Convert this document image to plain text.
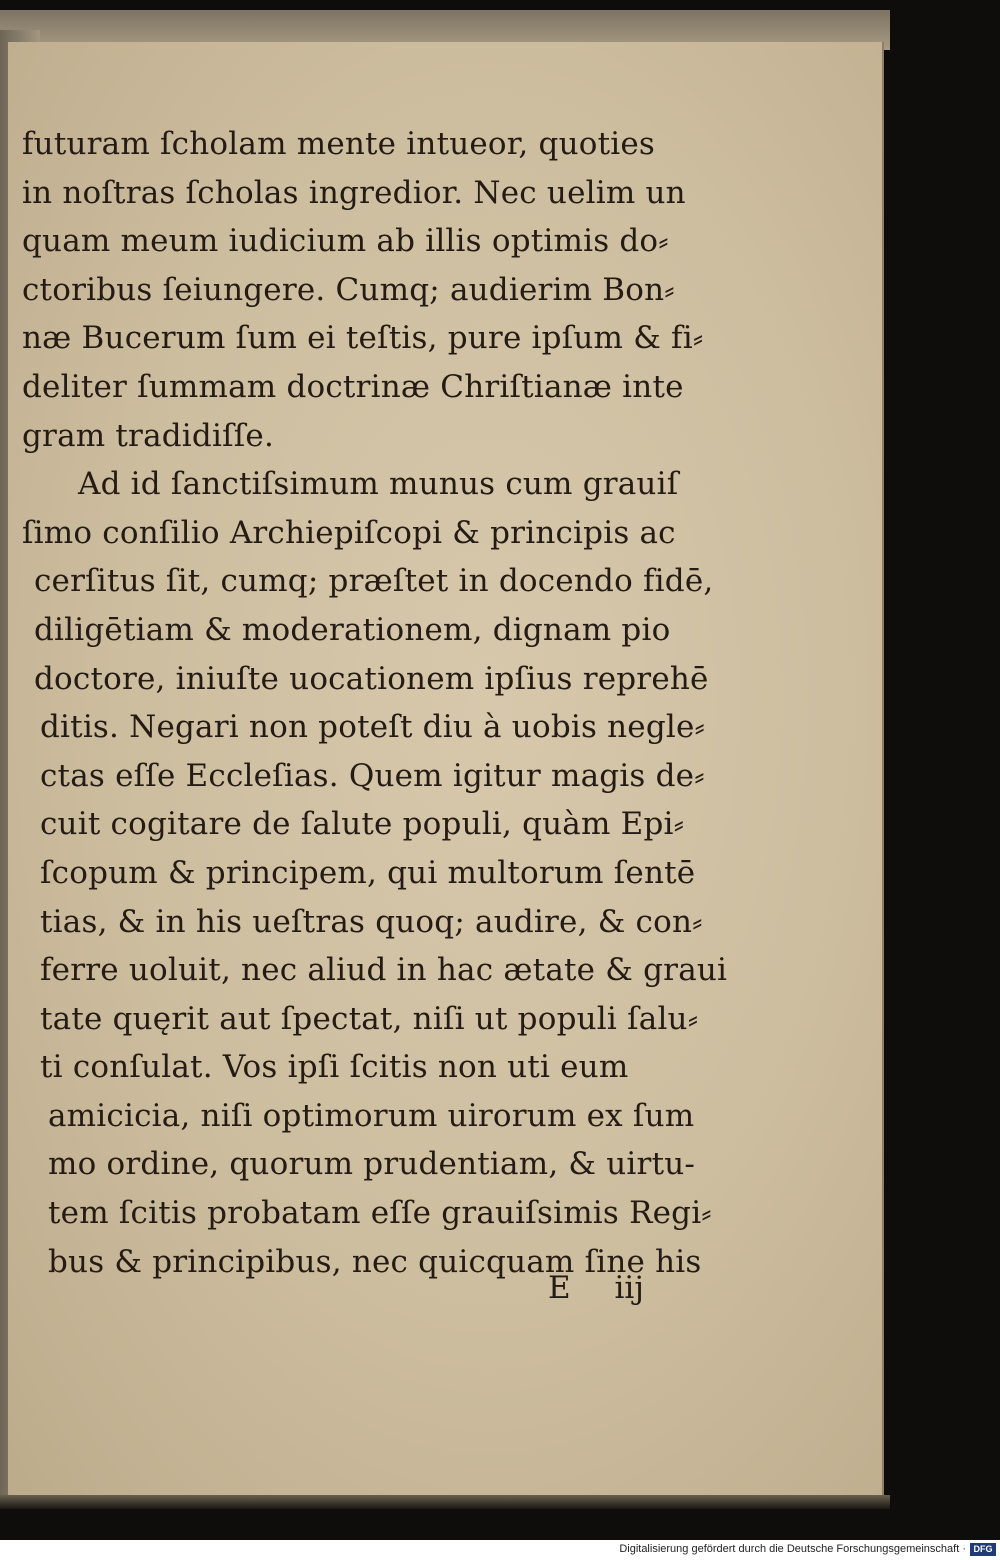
futuram ſcholam mente intueor, quoties
in noſtras ſcholas ingredior. Nec uelim un
quam meum iudicium ab illis optimis do⸗
ctoribus ſeiungere. Cumq; audierim Bon⸗
næ Bucerum ſum ei teſtis, pure ipſum & fi⸗
deliter ſummam doctrinæ Chriſtianæ inte
gram tradidiſſe.
Ad id ſanctiſsimum munus cum grauiſ
ſimo conſilio Archiepiſcopi & principis ac
cerſitus ſit, cumq; præſtet in docendo fidē,
diligētiam & moderationem, dignam pio
doctore, iniuſte uocationem ipſius reprehē
ditis. Negari non poteſt diu à uobis negle⸗
ctas eſſe Eccleſias. Quem igitur magis de⸗
cuit cogitare de ſalute populi, quàm Epi⸗
ſcopum & principem, qui multorum ſentē
tias, & in his ueſtras quoq; audire, & con⸗
ferre uoluit, nec aliud in hac ætate & graui
tate quęrit aut ſpectat, niſi ut populi ſalu⸗
ti conſulat. Vos ipſi ſcitis non uti eum
amicicia, niſi optimorum uirorum ex ſum
mo ordine, quorum prudentiam, & uirtu-
tem ſcitis probatam eſſe grauiſsimis Regi⸗
bus & principibus, nec quicquam ſine his
E iij
Digitalisierung gefördert durch die Deutsche Forschungsgemeinschaft · DFG
